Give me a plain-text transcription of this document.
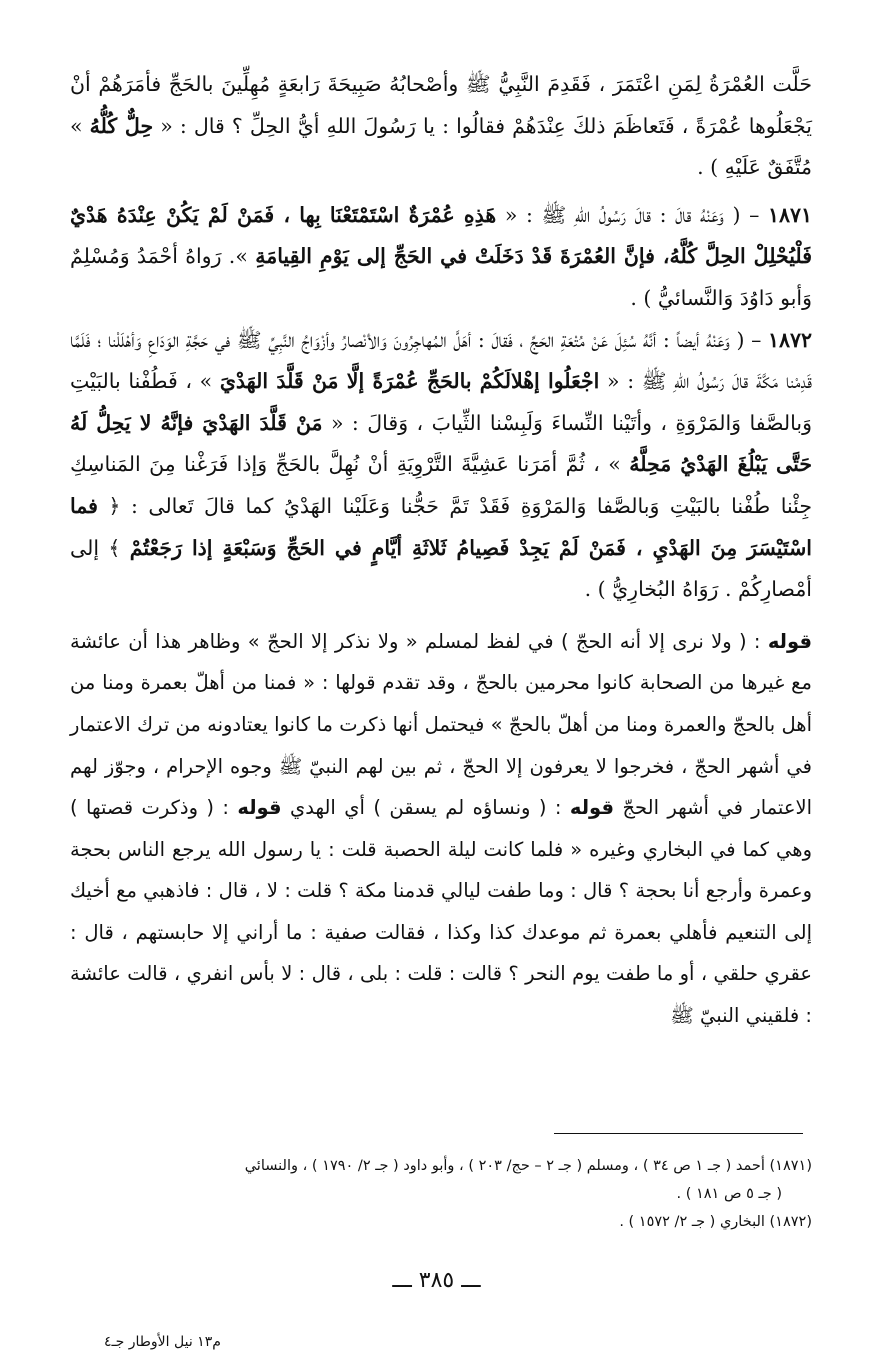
حَلَّت العُمْرَةُ لِمَنِ اعْتَمَرَ ، فَقَدِمَ النَّبِيُّ ﷺ وأصْحابُهُ صَبِيحَةَ رَابعَةٍ مُهِلِّينَ بالحَجِّ فأمَرَهُمْ أنْ يَجْعَلُوها عُمْرَةً ، فَتَعاظَمَ ذلكَ عِنْدَهُمْ فقالُوا : يا رَسُولَ اللهِ أيُّ الحِلِّ ؟ قال : « حِلٌّ كُلُّهُ » مُتَّفَقٌ عَلَيْهِ ) .

١٨٧١ – ( وَعَنْهُ قالَ : قالَ رَسُولُ اللهِ ﷺ : « هَذِهِ عُمْرَةٌ اسْتَمْتَعْنَا بِها ، فَمَنْ لَمْ يَكُنْ عِنْدَهُ هَدْيٌ فَلْيُحْلِلْ الحِلَّ كُلَّهُ، فإنَّ العُمْرَةَ قَدْ دَخَلَتْ في الحَجِّ إلى يَوْمِ القِيامَةِ ». رَواهُ أحْمَدُ وَمُسْلِمٌ وَأبو دَاوُدَ وَالنَّسائيُّ ) .

١٨٧٢ – ( وَعَنْهُ أيضاً : أنَّهُ سُئِلَ عَنْ مُتْعَةِ الحَجِّ ، فَقالَ : أهَلَّ المُهاجِرُونَ وَالأنْصارُ وأزْوَاجُ النَّبِيِّ ﷺ في حَجَّةِ الوَدَاعِ وَأهْلَلْنا ؛ فَلَمَّا قَدِمْنا مَكَّةَ قالَ رَسُولُ اللهِ ﷺ : « اجْعَلُوا إهْلالَكُمْ بالحَجِّ عُمْرَةً إلَّا مَنْ قَلَّدَ الهَدْيَ » ، فَطُفْنا بالبَيْتِ وَبالصَّفا وَالمَرْوَةِ ، وأتَيْنا النِّساءَ وَلَبِسْنا الثِّيابَ ، وَقالَ : « مَنْ قَلَّدَ الهَدْيَ فإنَّهُ لا يَحِلُّ لَهُ حَتَّى يَبْلُغَ الهَدْيُ مَحِلَّهُ » ، ثُمَّ أمَرَنا عَشِيَّةَ التَّرْوِيَةِ أنْ نُهِلَّ بالحَجِّ وَإذا فَرَغْنا مِنَ المَناسِكِ جِئْنا طُفْنا بالبَيْتِ وَبالصَّفا وَالمَرْوَةِ فَقَدْ تَمَّ حَجُّنا وَعَلَيْنا الهَدْيُ كما قالَ تَعالى : ﴿ فما اسْتَيْسَرَ مِنَ الهَدْيِ ، فَمَنْ لَمْ يَجِدْ فَصِيامُ ثَلاثَةِ أيَّامٍ في الحَجِّ وَسَبْعَةٍ إذا رَجَعْتُمْ ﴾ إلى أمْصارِكُمْ . رَوَاهُ البُخارِيُّ ) .

قوله : ( ولا نرى إلا أنه الحجّ ) في لفظ لمسلم « ولا نذكر إلا الحجّ » وظاهر هذا أن عائشة مع غيرها من الصحابة كانوا محرمين بالحجّ ، وقد تقدم قولها : « فمنا من أهلّ بعمرة ومنا من أهل بالحجّ والعمرة ومنا من أهلّ بالحجّ » فيحتمل أنها ذكرت ما كانوا يعتادونه من ترك الاعتمار في أشهر الحجّ ، فخرجوا لا يعرفون إلا الحجّ ، ثم بين لهم النبيّ ﷺ وجوه الإحرام ، وجوّز لهم الاعتمار في أشهر الحجّ قوله : ( ونساؤه لم يسقن ) أي الهدي قوله : ( وذكرت قصتها ) وهي كما في البخاري وغيره « فلما كانت ليلة الحصبة قلت : يا رسول الله يرجع الناس بحجة وعمرة وأرجع أنا بحجة ؟ قال : وما طفت ليالي قدمنا مكة ؟ قلت : لا ، قال : فاذهبي مع أخيك إلى التنعيم فأهلي بعمرة ثم موعدك كذا وكذا ، فقالت صفية : ما أراني إلا حابستهم ، قال : عقري حلقي ، أو ما طفت يوم النحر ؟ قالت : قلت : بلى ، قال : لا بأس انفري ، قالت عائشة : فلقيني النبيّ ﷺ

(١٨٧١) أحمد ( جـ ١ ص ٣٤ ) ، ومسلم ( جـ ٢ – حج/ ٢٠٣ ) ، وأبو داود ( جـ ٢/ ١٧٩٠ ) ، والنسائي

( جـ ٥ ص ١٨١ ) .

(١٨٧٢) البخاري ( جـ ٢/ ١٥٧٢ ) .

ـــ ٣٨٥ ـــ
م١٣ نيل الأوطار جـ٤
